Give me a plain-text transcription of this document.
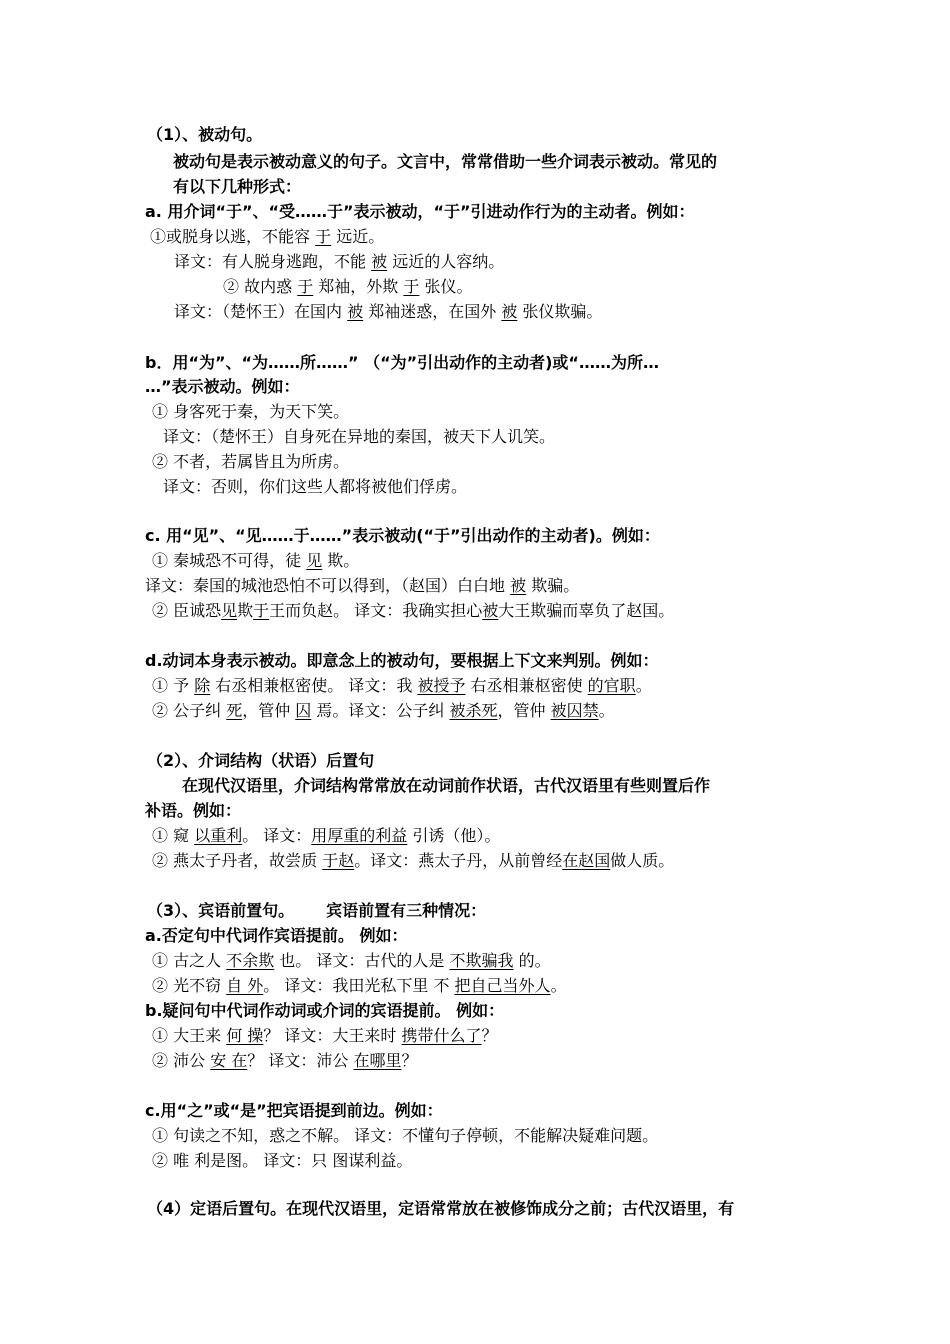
（1）、被动句。
被动句是表示被动意义的句子。文言中，常常借助一些介词表示被动。常见的
有以下几种形式：
a. 用介词“于”、“受……于”表示被动，“于”引进动作行为的主动者。例如：
①或脱身以逃，不能容 于 远近。
译文：有人脱身逃跑，不能 被 远近的人容纳。
② 故内惑 于 郑袖，外欺 于 张仪。
译文：（楚怀王）在国内 被 郑袖迷惑，在国外 被 张仪欺骗。
b．用“为”、“为……所……” （“为”引出动作的主动者)或“……为所…
…”表示被动。例如：
① 身客死于秦，为天下笑。
译文：（楚怀王）自身死在异地的秦国，被天下人讥笑。
② 不者，若属皆且为所虏。
译文：否则，你们这些人都将被他们俘虏。
c. 用“见”、“见……于……”表示被动(“于”引出动作的主动者)。例如：
① 秦城恐不可得，徒 见 欺。
译文：秦国的城池恐怕不可以得到，（赵国）白白地 被 欺骗。
② 臣诚恐见欺于王而负赵。 译文：我确实担心被大王欺骗而辜负了赵国。
d.动词本身表示被动。即意念上的被动句，要根据上下文来判别。例如：
① 予 除 右丞相兼枢密使。 译文：我 被授予 右丞相兼枢密使 的官职。
② 公子纠 死，管仲 囚 焉。译文：公子纠 被杀死，管仲 被囚禁。
（2）、介词结构（状语）后置句
在现代汉语里，介词结构常常放在动词前作状语，古代汉语里有些则置后作
补语。例如：
① 窥 以重利。 译文：用厚重的利益 引诱（他）。
② 燕太子丹者，故尝质 于赵。译文：燕太子丹，从前曾经在赵国做人质。
（3）、宾语前置句。 宾语前置有三种情况：
a.否定句中代词作宾语提前。 例如：
① 古之人 不余欺 也。 译文：古代的人是 不欺骗我 的。
② 光不窃 自 外。 译文：我田光私下里 不 把自己当外人。
b.疑问句中代词作动词或介词的宾语提前。 例如：
① 大王来 何 操？ 译文：大王来时 携带什么了？
② 沛公 安 在？ 译文：沛公 在哪里？
c.用“之”或“是”把宾语提到前边。例如：
① 句读之不知，惑之不解。 译文：不懂句子停顿，不能解决疑难问题。
② 唯 利是图。 译文：只 图谋利益。
（4）定语后置句。在现代汉语里，定语常常放在被修饰成分之前；古代汉语里，有
